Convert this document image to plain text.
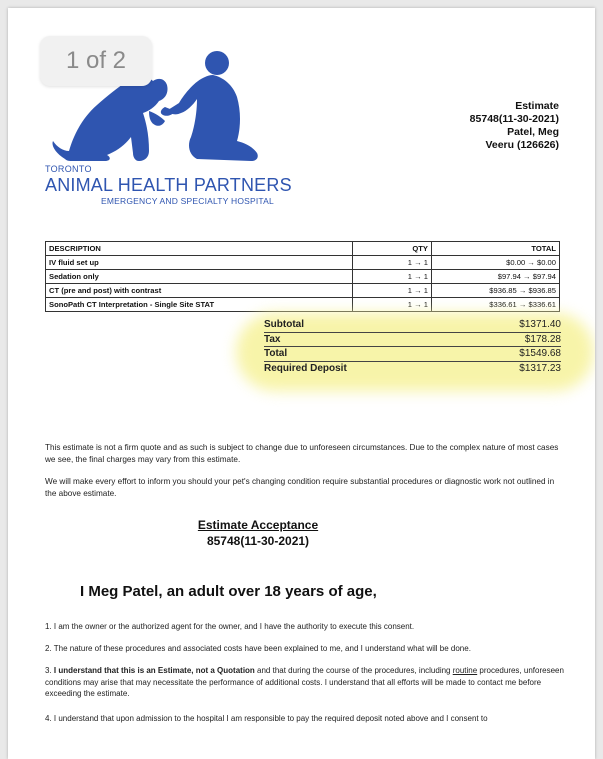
1 of 2
TORONTO
ANIMAL HEALTH PARTNERS
EMERGENCY AND SPECIALTY HOSPITAL
Estimate
85748(11-30-2021)
Patel, Meg
Veeru (126626)
DESCRIPTION	QTY	TOTAL
IV fluid set up	1 → 1	$0.00 → $0.00
Sedation only	1 → 1	$97.94 → $97.94
CT (pre and post) with contrast	1 → 1	$936.85 → $936.85
SonoPath CT Interpretation - Single Site STAT	1 → 1	$336.61 → $336.61
Subtotal	$1371.40
Tax	$178.28
Total	$1549.68
Required Deposit	$1317.23
This estimate is not a firm quote and as such is subject to change due to unforeseen circumstances. Due to the complex nature of most cases we see, the final charges may vary from this estimate.
We will make every effort to inform you should your pet's changing condition require substantial procedures or diagnostic work not outlined in the above estimate.
Estimate Acceptance
85748(11-30-2021)
I Meg Patel, an adult over 18 years of age,
1. I am the owner or the authorized agent for the owner, and I have the authority to execute this consent.
2. The nature of these procedures and associated costs have been explained to me, and I understand what will be done.
3. I understand that this is an Estimate, not a Quotation and that during the course of the procedures, including routine procedures, unforeseen conditions may arise that may necessitate the performance of additional costs. I understand that all efforts will be made to contact me before exceeding the estimate.
4. I understand that upon admission to the hospital I am responsible to pay the required deposit noted above and I consent to
